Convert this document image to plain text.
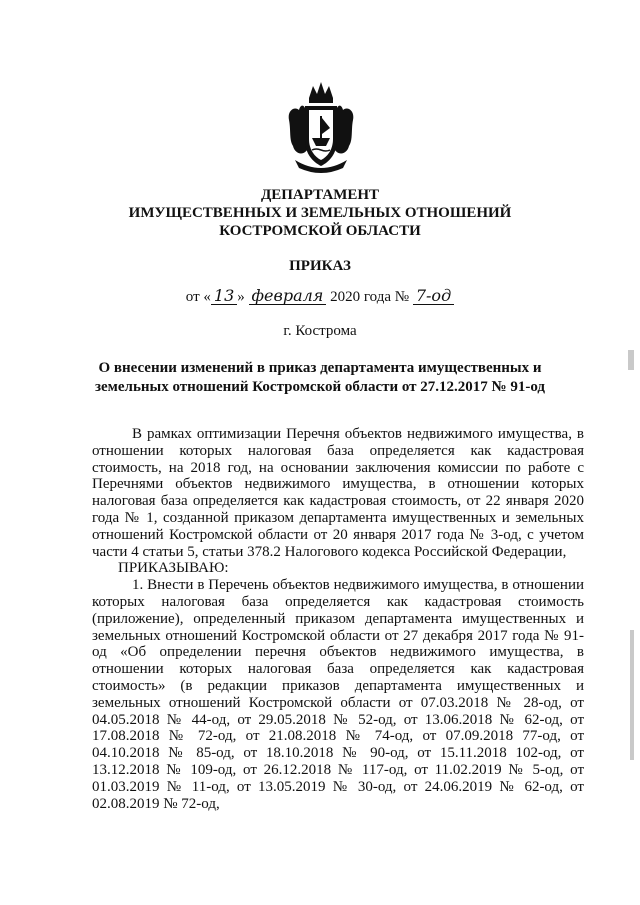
ДЕПАРТАМЕНТ
ИМУЩЕСТВЕННЫХ И ЗЕМЕЛЬНЫХ ОТНОШЕНИЙ
КОСТРОМСКОЙ ОБЛАСТИ
ПРИКАЗ
от « 13 » февраля 2020 года № 7-од
г. Кострома
О внесении изменений в приказ департамента имущественных и
земельных отношений Костромской области от 27.12.2017 № 91-од

В рамках оптимизации Перечня объектов недвижимого имущества, в отношении которых налоговая база определяется как кадастровая стоимость, на 2018 год, на основании заключения комиссии по работе с Перечнями объектов недвижимого имущества, в отношении которых налоговая база определяется как кадастровая стоимость, от 22 января 2020 года № 1, созданной приказом департамента имущественных и земельных отношений Костромской области от 20 января 2017 года № 3-од, с учетом части 4 статьи 5, статьи 378.2 Налогового кодекса Российской Федерации,

ПРИКАЗЫВАЮ:

1. Внести в Перечень объектов недвижимого имущества, в отношении которых налоговая база определяется как кадастровая стоимость (приложение), определенный приказом департамента имущественных и земельных отношений Костромской области от 27 декабря 2017 года № 91-од «Об определении перечня объектов недвижимого имущества, в отношении которых налоговая база определяется как кадастровая стоимость» (в редакции приказов департамента имущественных и земельных отношений Костромской области от 07.03.2018 № 28-од, от 04.05.2018 № 44-од, от 29.05.2018 № 52-од, от 13.06.2018 № 62-од, от 17.08.2018 № 72-од, от 21.08.2018 № 74-од, от 07.09.2018 77-од, от 04.10.2018 № 85-од, от 18.10.2018 № 90-од, от 15.11.2018 102-од, от 13.12.2018 № 109-од, от 26.12.2018 № 117-од, от 11.02.2019 № 5-од, от 01.03.2019 № 11-од, от 13.05.2019 № 30-од, от 24.06.2019 № 62-од, от 02.08.2019 № 72-од,
